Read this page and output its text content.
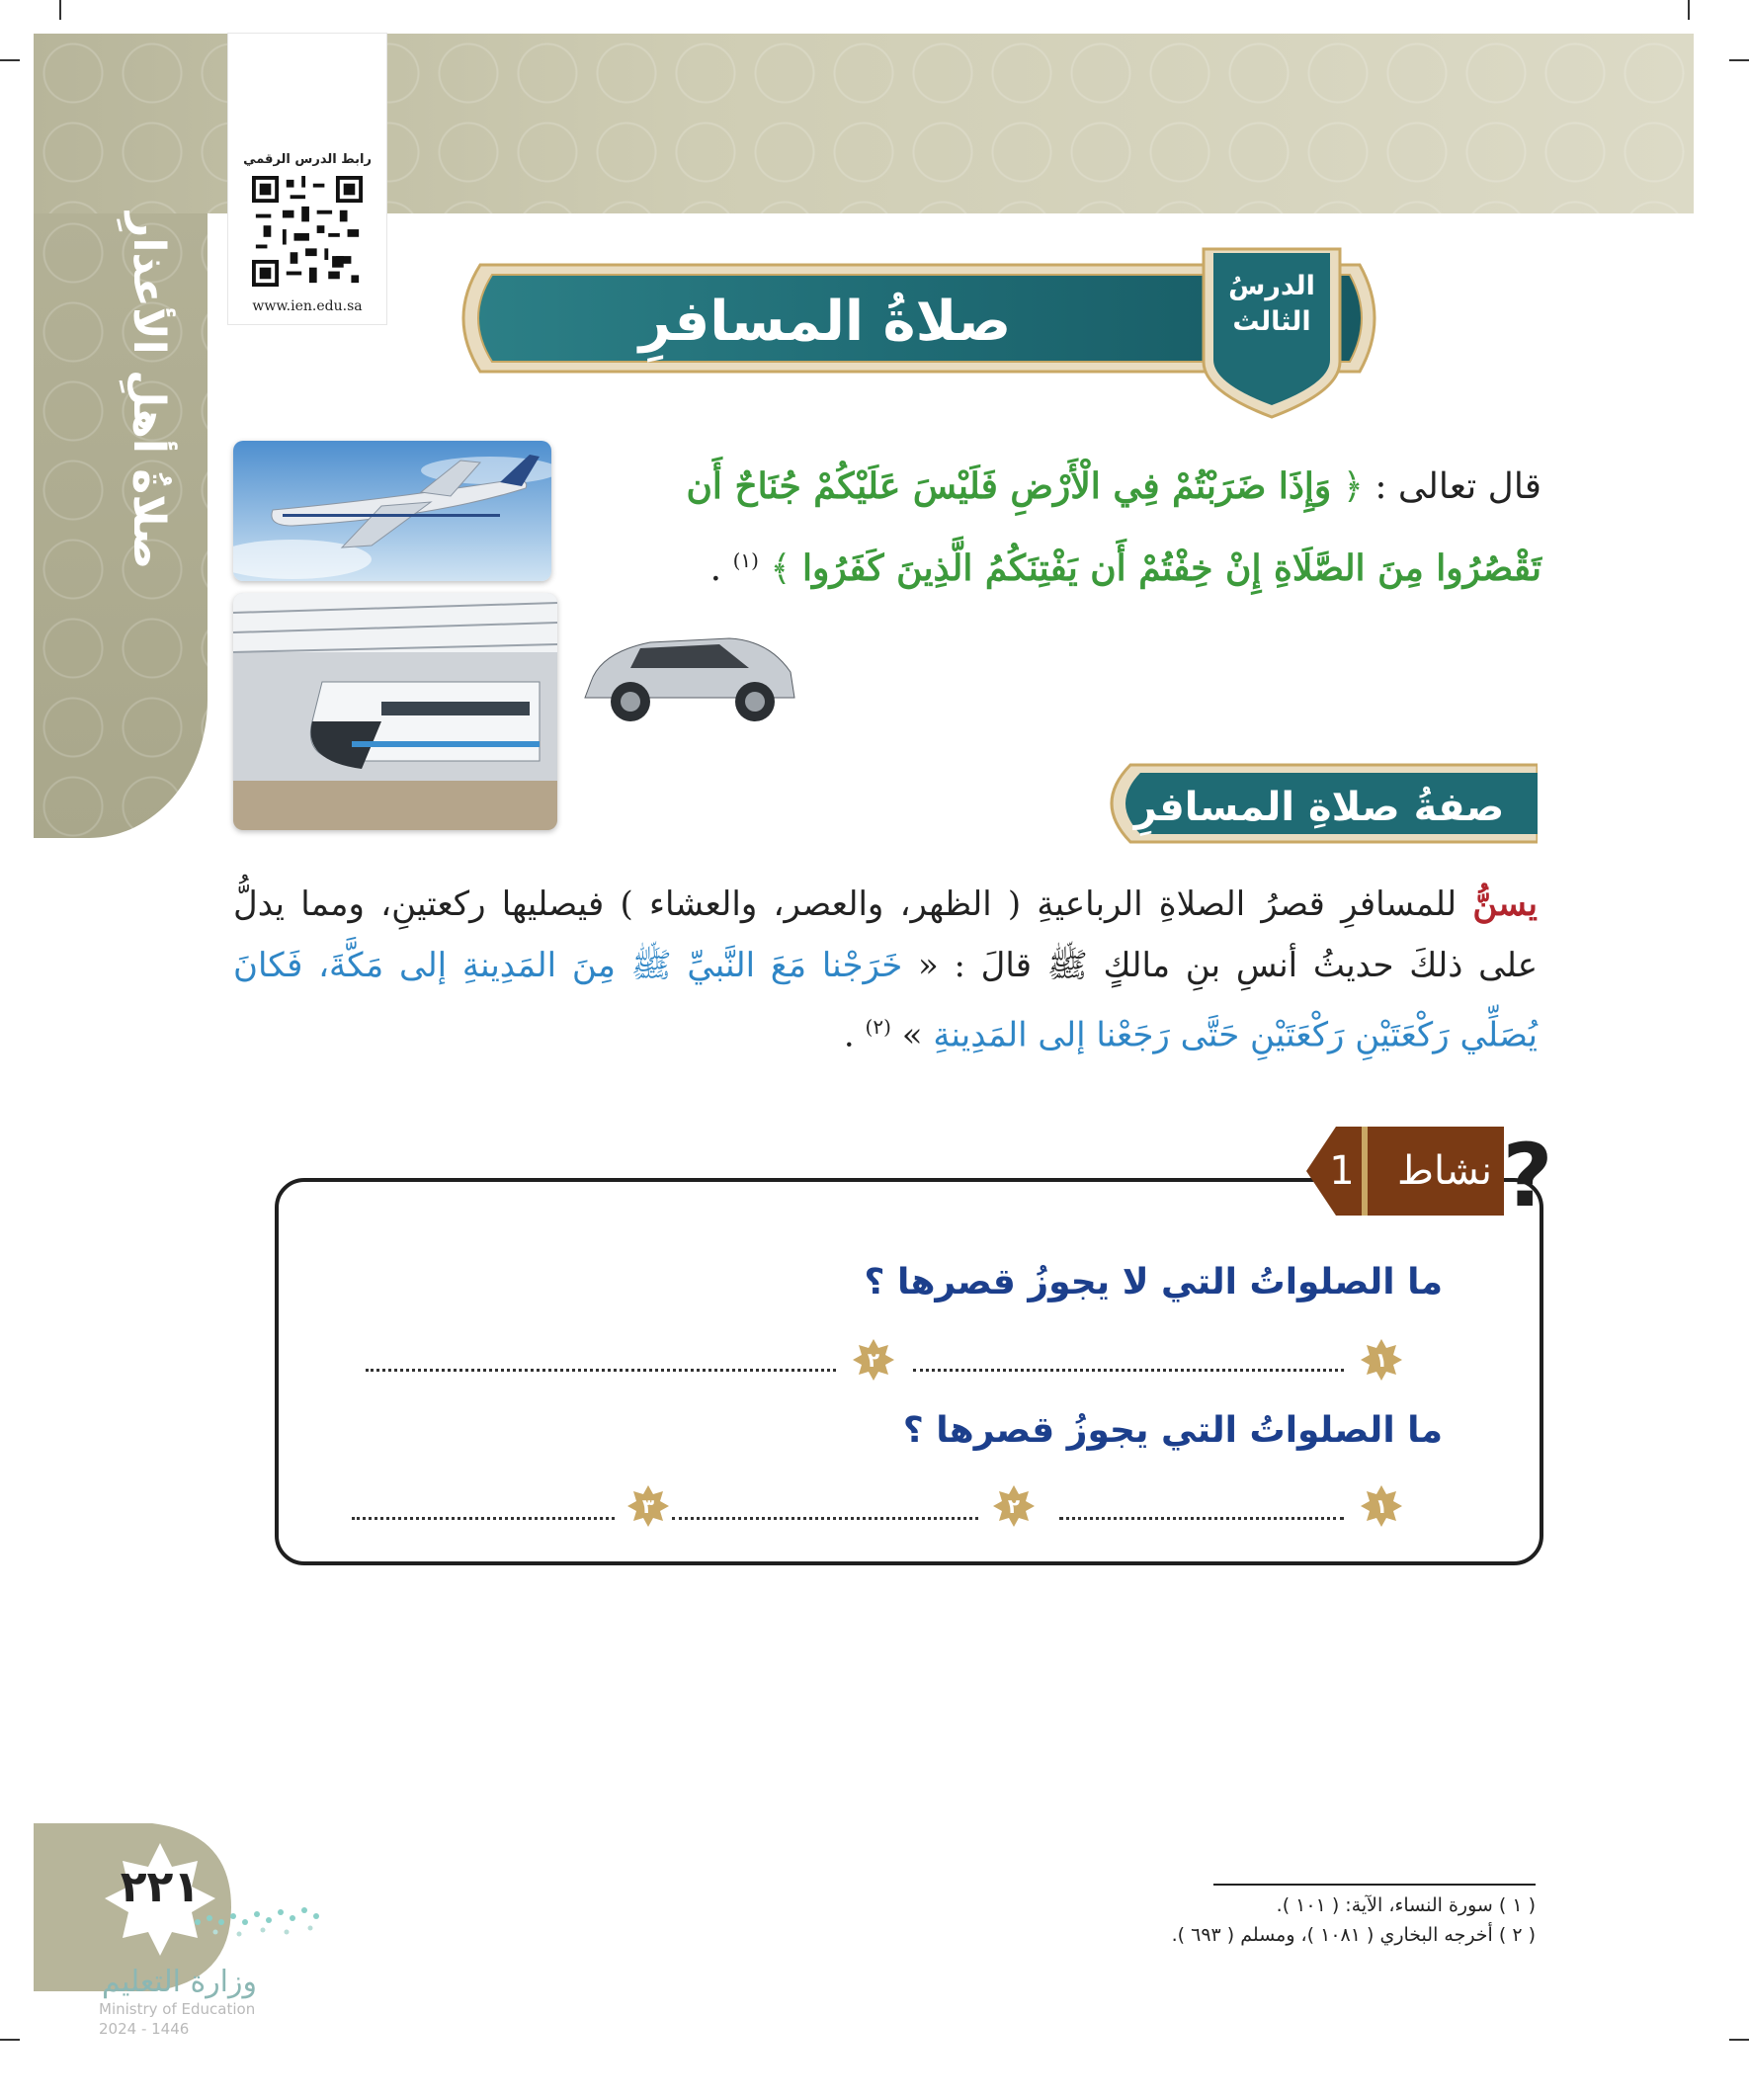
صلاةُ أهلِ الأعذارِ
رابط الدرس الرقمي
www.ien.edu.sa	صلاةُ المسافرِ
الدرسُ
الثالث
قال تعالى : ﴿ وَإِذَا ضَرَبْتُمْ فِي الْأَرْضِ فَلَيْسَ عَلَيْكُمْ جُنَاحٌ أَن تَقْصُرُوا مِنَ الصَّلَاةِ إِنْ خِفْتُمْ أَن يَفْتِنَكُمُ الَّذِينَ كَفَرُوا ﴾ $^{(١)}$ .
صفةُ صلاةِ المسافرِ
يسنُّ للمسافرِ قصرُ الصلاةِ الرباعيةِ ( الظهر، والعصر، والعشاء ) فيصليها ركعتينِ، ومما يدلُّ على ذلكَ حديثُ أنسِ بنِ مالكٍ ﷺ قالَ : « خَرَجْنا مَعَ النَّبيِّ ﷺ مِنَ المَدِينةِ إلى مَكَّةَ، فَكانَ يُصَلِّي رَكْعَتَيْنِ رَكْعَتَيْنِ حَتَّى رَجَعْنا إلى المَدِينةِ » $^{(٢)}$ .
1	نشاط ?
ما الصلواتُ التي لا يجوزُ قصرها ؟
١
٢
ما الصلواتُ التي يجوزُ قصرها ؟
١
٢
٣
٢٢١
وزارة التعليم
Ministry of Education
2024 - 1446
( ١ ) سورة النساء، الآية: ( ١٠١ ).
( ٢ ) أخرجه البخاري ( ١٠٨١ )، ومسلم ( ٦٩٣ ).
